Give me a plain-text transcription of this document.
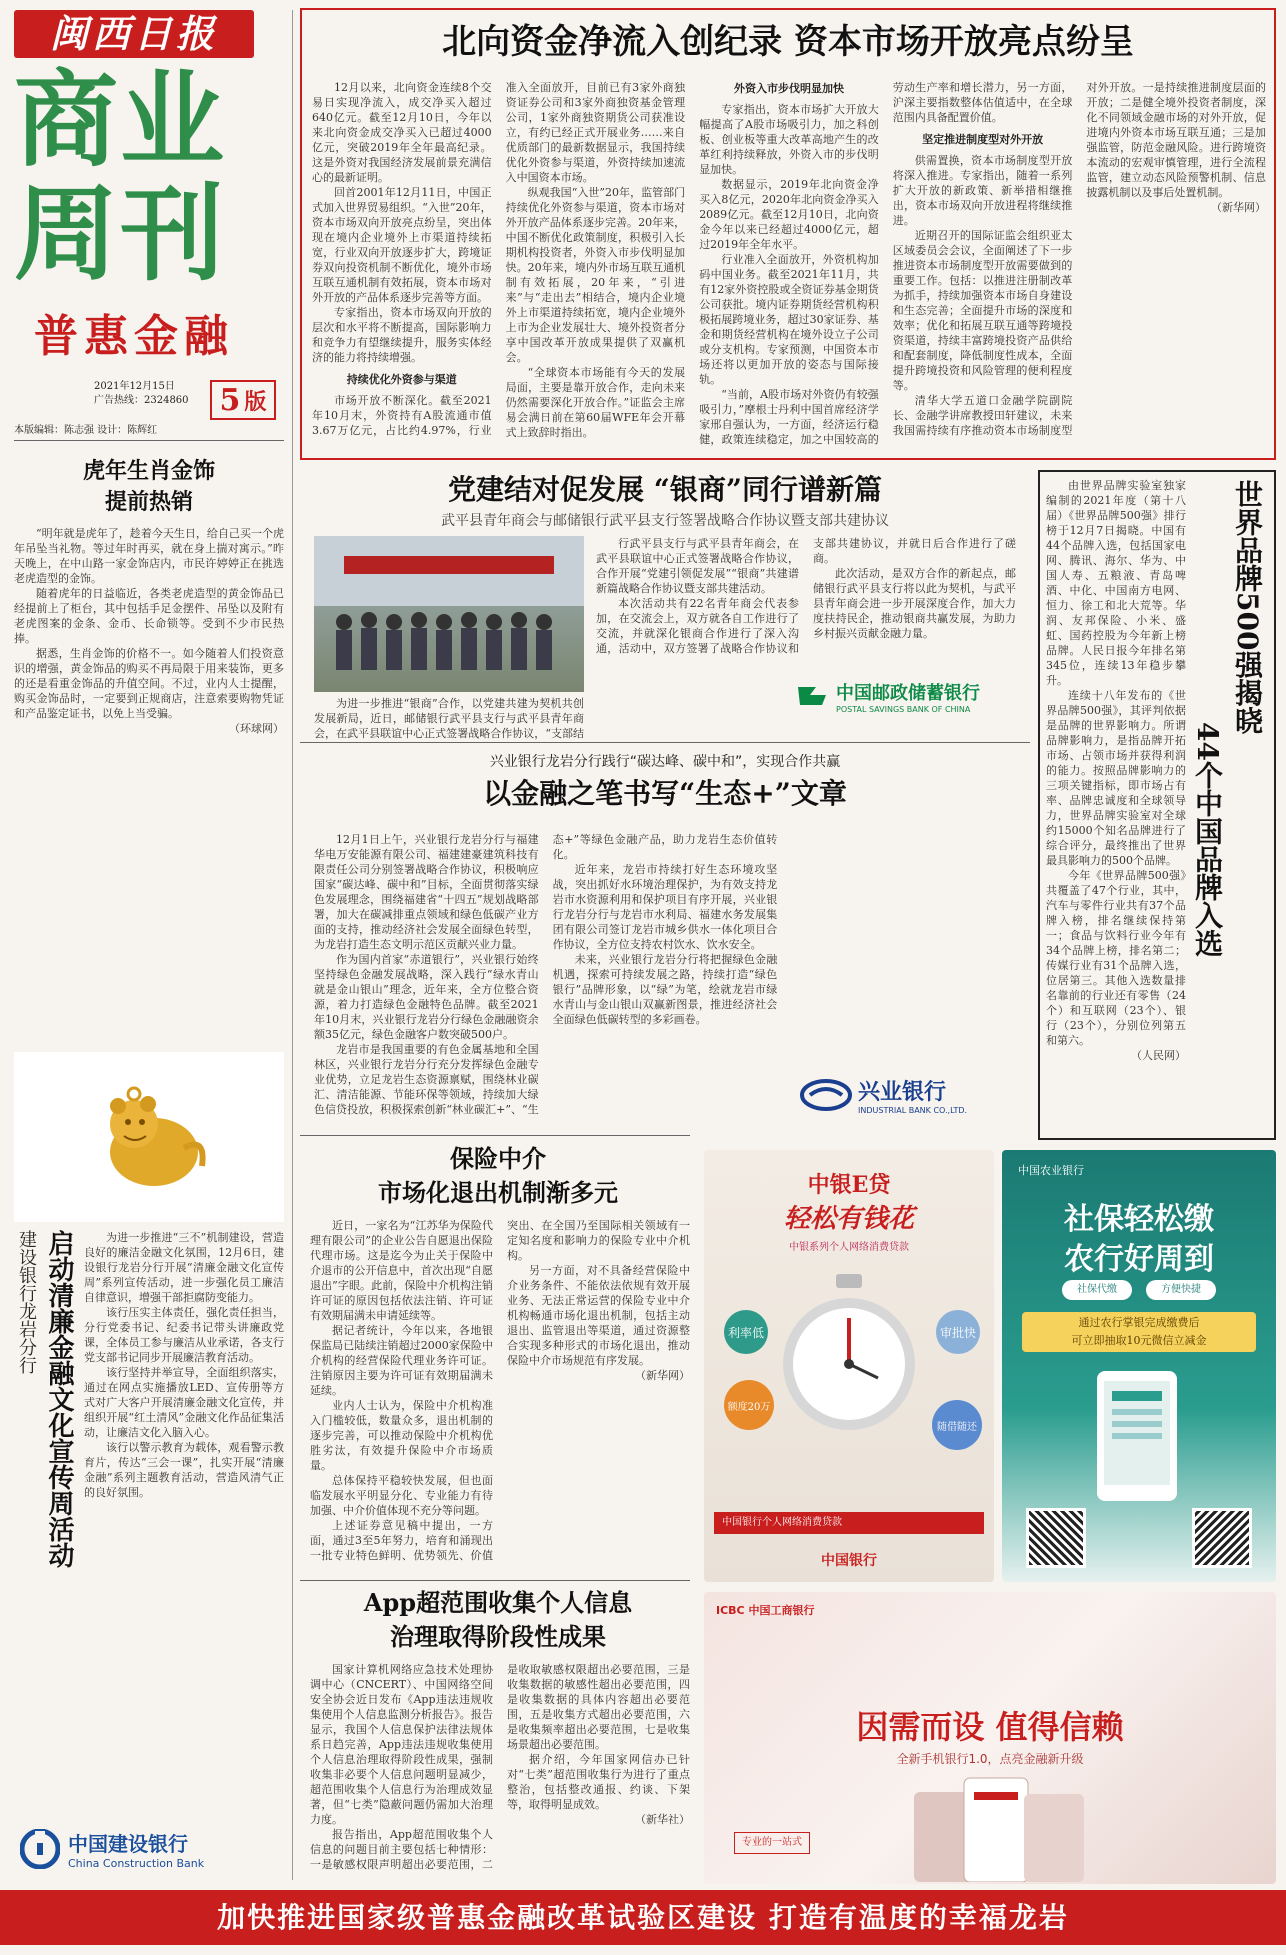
闽西日报
商业
周刊
普惠金融
2021年12月15日
广告热线：2324860	5 版
本版编辑：陈志强 设计：陈辉红
虎年生肖金饰
提前热销
“明年就是虎年了，趁着今天生日，给自己买一个虎年吊坠当礼物。等过年时再买，就在身上揣对寓示。”昨天晚上，在中山路一家金饰店内，市民许婷婷正在挑选老虎造型的金饰。
随着虎年的日益临近，各类老虎造型的黄金饰品已经提前上了柜台，其中包括手足金摆件、吊坠以及附有老虎图案的金条、金币、长命锁等。受到不少市民热捧。
据悉，生肖金饰的价格不一。如今随着人们投资意识的增强，黄金饰品的购买不再局限于用来装饰，更多的还是看重金饰品的升值空间。不过，业内人士提醒，购买金饰品时，一定要到正规商店，注意索要购物凭证和产品鉴定证书，以免上当受骗。
（环球网）
建设银行龙岩分行 启动清廉金融文化宣传周活动	为进一步推进“三不”机制建设，营造良好的廉洁金融文化氛围，12月6日，建设银行龙岩分行开展“清廉金融文化宣传周”系列宣传活动，进一步强化员工廉洁自律意识，增强干部拒腐防变能力。
该行压实主体责任，强化责任担当，分行党委书记、纪委书记带头讲廉政党课，全体员工参与廉洁从业承诺，各支行党支部书记同步开展廉洁教育活动。
该行坚持并举宣导，全面组织落实，通过在网点实施播放LED、宣传册等方式对广大客户开展清廉金融文化宣传，并组织开展“红土清风”金融文化作品征集活动，让廉洁文化入脑入心。
该行以警示教育为载体，观看警示教育片，传达“三会一课”，扎实开展“清廉金融”系列主题教育活动，营造风清气正的良好氛围。
中国建设银行
China Construction Bank
北向资金净流入创纪录 资本市场开放亮点纷呈

12月以来，北向资金连续8个交易日实现净流入，成交净买入超过640亿元。截至12月10日，今年以来北向资金成交净买入已超过4000亿元，突破2019年全年最高纪录。这是外资对我国经济发展前景充满信心的最新证明。

回首2001年12月11日，中国正式加入世界贸易组织。“入世”20年，资本市场双向开放亮点纷呈，突出体现在境内企业境外上市渠道持续拓宽，行业双向开放逐步扩大，跨境证券双向投资机制不断优化，境外市场互联互通机制有效拓展，资本市场对外开放的产品体系逐步完善等方面。

专家指出，资本市场双向开放的层次和水平将不断提高，国际影响力和竞争力有望继续提升，服务实体经济的能力将持续增强。

持续优化外资参与渠道

市场开放不断深化。截至2021年10月末，外资持有A股流通市值3.67万亿元，占比约4.97%，行业准入全面放开，目前已有3家外商独资证券公司和3家外商独资基金管理公司，1家外商独资期货公司获准设立，有约已经正式开展业务……来自优质部门的最新数据显示，我国持续优化外资参与渠道，外资持续加速流入中国资本市场。

纵观我国“入世”20年，监管部门持续优化外资参与渠道，资本市场对外开放产品体系逐步完善。20年来，中国不断优化政策制度，积极引入长期机构投资者，外资入市步伐明显加快。20年来，境内外市场互联互通机制有效拓展，20年来，“引进来”与“走出去”相结合，境内企业境外上市渠道持续拓宽，境内企业境外上市为企业发展壮大、境外投资者分享中国改革开放成果提供了双赢机会。

“全球资本市场能有今天的发展局面，主要是靠开放合作，走向未来仍然需要深化开放合作。”证监会主席易会满日前在第60届WFE年会开幕式上致辞时指出。

外资入市步伐明显加快

专家指出，资本市场扩大开放大幅提高了A股市场吸引力，加之科创板、创业板等重大改革高地产生的改革红利持续释放，外资入市的步伐明显加快。

数据显示，2019年北向资金净买入8亿元，2020年北向资金净买入2089亿元。截至12月10日，北向资金今年以来已经超过4000亿元，超过2019年全年水平。

行业准入全面放开，外资机构加码中国业务。截至2021年11月，共有12家外资控股或全资证券基金期货公司获批。境内证券期货经营机构积极拓展跨境业务，超过30家证券、基金和期货经营机构在境外设立子公司或分支机构。专家预测，中国资本市场还将以更加开放的姿态与国际接轨。

“当前，A股市场对外资仍有较强吸引力，”摩根士丹利中国首席经济学家邢自强认为，一方面，经济运行稳健，政策连续稳定，加之中国较高的劳动生产率和增长潜力，另一方面，沪深主要指数整体估值适中，在全球范围内具备配置价值。

坚定推进制度型对外开放

供需置换，资本市场制度型开放将深入推进。专家指出，随着一系列扩大开放的新政策、新举措相继推出，资本市场双向开放进程将继续推进。

近期召开的国际证监会组织亚太区域委员会会议，全面阐述了下一步推进资本市场制度型开放需要做到的重要工作。包括：以推进注册制改革为抓手，持续加强资本市场自身建设和生态完善；全面提升市场的深度和效率；优化和拓展互联互通等跨境投资渠道，持续丰富跨境投资产品供给和配套制度，降低制度性成本，全面提升跨境投资和风险管理的便利程度等。

清华大学五道口金融学院副院长、金融学讲席教授田轩建议，未来我国需持续有序推动资本市场制度型对外开放。一是持续推进制度层面的开放；二是健全境外投资者制度，深化不同领域金融市场的对外开放，促进境内外资本市场互联互通；三是加强监管，防范金融风险。进行跨境资本流动的宏观审慎管理，进行全流程监管，建立动态风险预警机制、信息披露机制以及事后处置机制。

（新华网）

党建结对促发展 “银商”同行谱新篇
武平县青年商会与邮储银行武平县支行签署战略合作协议暨支部共建协议
为进一步推进“银商”合作，以党建共建为契机共创发展新局，近日，邮储银行武平县支行与武平县青年商会，在武平县联谊中心正式签署战略合作协议，“支部结

行武平县支行与武平县青年商会，在武平县联谊中心正式签署战略合作协议，合作开展“党建引领促发展”“银商”共建谱新篇战略合作协议暨支部共建活动。

本次活动共有22名青年商会代表参加，在交流会上，双方就各自工作进行了交流，并就深化银商合作进行了深入沟通，活动中，双方签署了战略合作协议和支部共建协议，并就日后合作进行了磋商。

此次活动，是双方合作的新起点，邮储银行武平县支行将以此为契机，与武平县青年商会进一步开展深度合作，加大力度扶持民企，推动银商共赢发展，为助力乡村振兴贡献金融力量。

中国邮政储蓄银行
POSTAL SAVINGS BANK OF CHINA
兴业银行龙岩分行践行“碳达峰、碳中和”，实现合作共赢
以金融之笔书写“生态+”文章

12月1日上午，兴业银行龙岩分行与福建华电万安能源有限公司、福建建豪建筑科技有限责任公司分别签署战略合作协议，积极响应国家“碳达峰、碳中和”目标，全面贯彻落实绿色发展理念，围绕福建省“十四五”规划战略部署，加大在碳减排重点领域和绿色低碳产业方面的支持，推动经济社会发展全面绿色转型，为龙岩打造生态文明示范区贡献兴业力量。

作为国内首家“赤道银行”，兴业银行始终坚持绿色金融发展战略，深入践行“绿水青山就是金山银山”理念，近年来，全方位整合资源，着力打造绿色金融特色品牌。截至2021年10月末，兴业银行龙岩分行绿色金融融资余额35亿元，绿色金融客户数突破500户。

龙岩市是我国重要的有色金属基地和全国林区，兴业银行龙岩分行充分发挥绿色金融专业优势，立足龙岩生态资源禀赋，围绕林业碳汇、清洁能源、节能环保等领域，持续加大绿色信贷投放，积极探索创新“林业碳汇+”、“生态+”等绿色金融产品，助力龙岩生态价值转化。

近年来，龙岩市持续打好生态环境攻坚战，突出抓好水环境治理保护，为有效支持龙岩市水资源利用和保护项目有序开展，兴业银行龙岩分行与龙岩市水利局、福建水务发展集团有限公司签订龙岩市城乡供水一体化项目合作协议，全方位支持农村饮水、饮水安全。

未来，兴业银行龙岩分行将把握绿色金融机遇，探索可持续发展之路，持续打造“绿色银行”品牌形象，以“绿”为笔，绘就龙岩市绿水青山与金山银山双赢新图景，推进经济社会全面绿色低碳转型的多彩画卷。

兴业银行
INDUSTRIAL BANK CO.,LTD.

由世界品牌实验室独家编制的2021年度（第十八届）《世界品牌500强》排行榜于12月7日揭晓。中国有44个品牌入选，包括国家电网、腾讯、海尔、华为、中国人寿、五粮液、青岛啤酒、中化、中国南方电网、恒力、徐工和北大荒等。华润、友邦保险、小米、盛虹、国药控股为今年新上榜品牌。人民日报今年排名第345位，连续13年稳步攀升。

连续十八年发布的《世界品牌500强》，其评判依据是品牌的世界影响力。所谓品牌影响力，是指品牌开拓市场、占领市场并获得利润的能力。按照品牌影响力的三项关键指标，即市场占有率、品牌忠诚度和全球领导力，世界品牌实验室对全球约15000个知名品牌进行了综合评分，最终推出了世界最具影响力的500个品牌。

今年《世界品牌500强》共覆盖了47个行业，其中，汽车与零件行业共有37个品牌入榜，排名继续保持第一；食品与饮料行业今年有34个品牌上榜，排名第二；传媒行业有31个品牌入选，位居第三。其他入选数量排名靠前的行业还有零售（24个）和互联网（23个）、银行（23个），分别位列第五和第六。

（人民网）

世界品牌500强揭晓
44个中国品牌入选
保险中介
市场化退出机制渐多元

近日，一家名为“江苏华为保险代理有限公司”的企业公告自愿退出保险代理市场。这是迄今为止关于保险中介退市的公开信息中，首次出现“自愿退出”字眼。此前，保险中介机构注销许可证的原因包括依法注销、许可证有效期届满未申请延续等。

据记者统计，今年以来，各地银保监局已陆续注销超过2000家保险中介机构的经营保险代理业务许可证。注销原因主要为许可证有效期届满未延续。

业内人士认为，保险中介机构准入门槛较低，数量众多，退出机制的逐步完善，可以推动保险中介机构优胜劣汰，有效提升保险中介市场质量。

总体保持平稳较快发展，但也面临发展水平明显分化、专业能力有待加强、中介价值体现不充分等问题。

上述证券意见稿中提出，一方面，通过3至5年努力，培育和涌现出一批专业特色鲜明、优势领先、价值突出、在全国乃至国际相关领域有一定知名度和影响力的保险专业中介机构。

另一方面，对不具备经营保险中介业务条件、不能依法依规有效开展业务、无法正常运营的保险专业中介机构畅通市场化退出机制，包括主动退出、监管退出等渠道，通过资源整合实现多种形式的市场化退出，推动保险中介市场规范有序发展。

（新华网）

App超范围收集个人信息
治理取得阶段性成果

国家计算机网络应急技术处理协调中心（CNCERT）、中国网络空间安全协会近日发布《App违法违规收集使用个人信息监测分析报告》。报告显示，我国个人信息保护法律法规体系日趋完善，App违法违规收集使用个人信息治理取得阶段性成果，强制收集非必要个人信息问题明显减少，超范围收集个人信息行为治理成效显著，但“七类”隐蔽问题仍需加大治理力度。

报告指出，App超范围收集个人信息的问题目前主要包括七种情形：一是敏感权限声明超出必要范围，二是收取敏感权限超出必要范围，三是收集数据的敏感性超出必要范围，四是收集数据的具体内容超出必要范围，五是收集方式超出必要范围，六是收集频率超出必要范围，七是收集场景超出必要范围。

据介绍，今年国家网信办已针对“七类”超范围收集行为进行了重点整治，包括整改通报、约谈、下架等，取得明显成效。

（新华社）

中银E贷
轻松有钱花
中银系列个人网络消费贷款
利率低
额度20万
随借随还
审批快
中国银行个人网络消费贷款
中国银行
中国农业银行
社保轻松缴
农行好周到
社保代缴	方便快捷
通过农行掌银完成缴费后
可立即抽取10元微信立减金
ICBC 中国工商银行
因需而设 值得信赖
全新手机银行1.0，点亮金融新升级
专业的一站式
加快推进国家级普惠金融改革试验区建设 打造有温度的幸福龙岩
